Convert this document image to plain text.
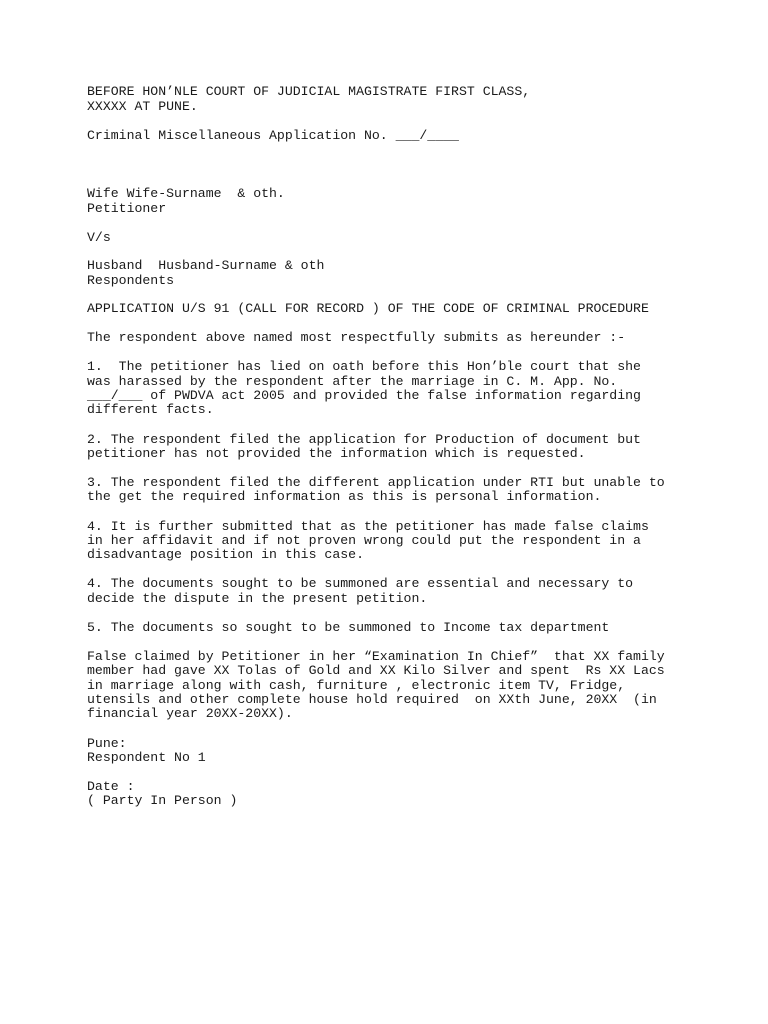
BEFORE HON’NLE COURT OF JUDICIAL MAGISTRATE FIRST CLASS,

XXXXX AT PUNE.

Criminal Miscellaneous Application No. ___/____

Wife Wife-Surname  & oth.

Petitioner

V/s

Husband  Husband-Surname & oth

Respondents

APPLICATION U/S 91 (CALL FOR RECORD ) OF THE CODE OF CRIMINAL PROCEDURE

The respondent above named most respectfully submits as hereunder :-

1.  The petitioner has lied on oath before this Hon’ble court that she

was harassed by the respondent after the marriage in C. M. App. No.

___/___ of PWDVA act 2005 and provided the false information regarding

different facts.

2. The respondent filed the application for Production of document but

petitioner has not provided the information which is requested.

3. The respondent filed the different application under RTI but unable to

the get the required information as this is personal information.

4. It is further submitted that as the petitioner has made false claims

in her affidavit and if not proven wrong could put the respondent in a

disadvantage position in this case.

4. The documents sought to be summoned are essential and necessary to

decide the dispute in the present petition.

5. The documents so sought to be summoned to Income tax department

False claimed by Petitioner in her “Examination In Chief”  that XX family

member had gave XX Tolas of Gold and XX Kilo Silver and spent  Rs XX Lacs

in marriage along with cash, furniture , electronic item TV, Fridge,

utensils and other complete house hold required  on XXth June, 20XX  (in

financial year 20XX-20XX).

Pune:

Respondent No 1

Date :

( Party In Person )
